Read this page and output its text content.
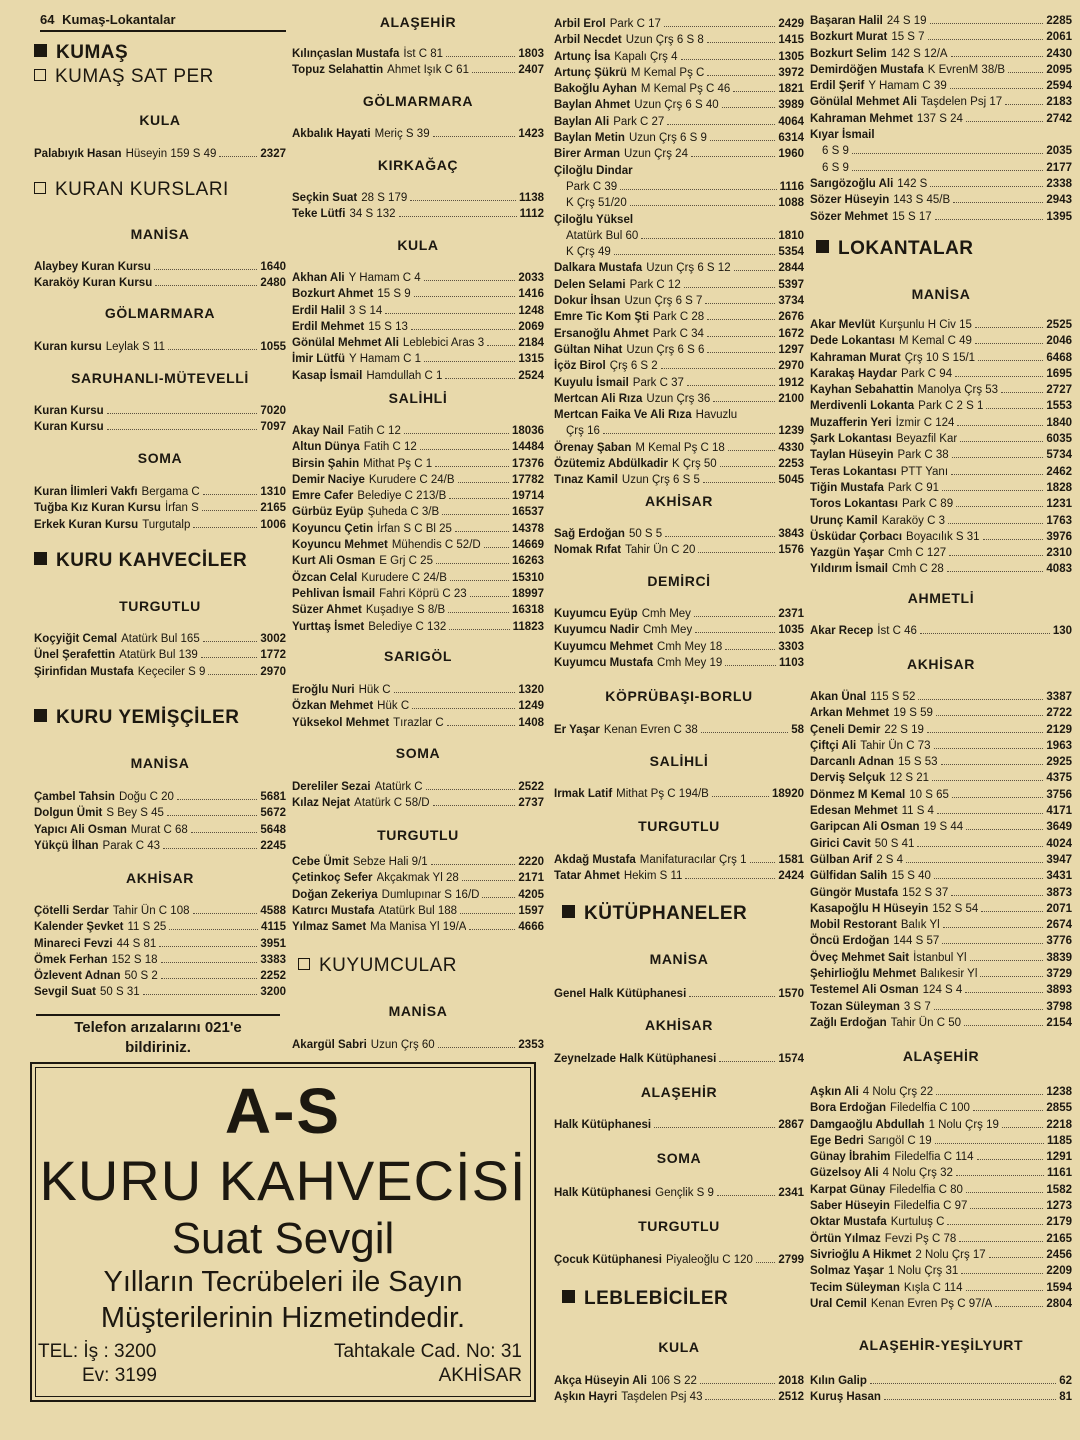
64 Kumaş-Lokantalar
KUMAŞ
KUMAŞ SAT PER
KULA
Palabıyık Hasan Hüseyin 159 S 49	2327
KURAN KURSLARI
MANİSA
Alaybey Kuran Kursu	1640
Karaköy Kuran Kursu	2480
GÖLMARMARA
Kuran kursu Leylak S 11	1055
SARUHANLI-MÜTEVELLİ
Kuran Kursu	7020
Kuran Kursu	7097
SOMA
Kuran İlimleri Vakfı Bergama C	1310
Tuğba Kız Kuran Kursu İrfan S	2165
Erkek Kuran Kursu Turgutalp	1006
KURU KAHVECİLER
TURGUTLU
Koçyiğit Cemal Atatürk Bul 165	3002
Ünel Şerafettin Atatürk Bul 139	1772
Şirinfidan Mustafa Keçeciler S 9	2970
KURU YEMİŞÇİLER
MANİSA
Çambel Tahsin Doğu C 20	5681
Dolgun Ümit S Bey S 45	5672
Yapıcı Ali Osman Murat C 68	5648
Yükçü İlhan Parak C 43	2245
AKHİSAR
Çötelli Serdar Tahir Ün C 108	4588
Kalender Şevket 11 S 25	4115
Minareci Fevzi 44 S 81	3951
Ömek Ferhan 152 S 18	3383
Özlevent Adnan 50 S 2	2252
Sevgil Suat 50 S 31	3200
Telefon arızalarını 021'e
bildiriniz.
ALAŞEHİR
Kılınçaslan Mustafa İst C 81	1803
Topuz Selahattin Ahmet Işık C 61	2407
GÖLMARMARA
Akbalık Hayati Meriç S 39	1423
KIRKAĞAÇ
Seçkin Suat 28 S 179	1138
Teke Lütfi 34 S 132	1112
KULA
Akhan Ali Y Hamam C 4	2033
Bozkurt Ahmet 15 S 9	1416
Erdil Halil 3 S 14	1248
Erdil Mehmet 15 S 13	2069
Gönülal Mehmet Ali Leblebici Aras 3	2184
İmir Lütfü Y Hamam C 1	1315
Kasap İsmail Hamdullah C 1	2524
SALİHLİ
Akay Nail Fatih C 12	18036
Altun Dünya Fatih C 12	14484
Birsin Şahin Mithat Pş C 1	17376
Demir Naciye Kurudere C 24/B	17782
Emre Cafer Belediye C 213/B	19714
Gürbüz Eyüp Şuheda C 3/B	16537
Koyuncu Çetin İrfan S C Bl 25	14378
Koyuncu Mehmet Mühendis C 52/D	14669
Kurt Ali Osman E Grj C 25	16263
Özcan Celal Kurudere C 24/B	15310
Pehlivan İsmail Fahri Köprü C 23	18997
Süzer Ahmet Kuşadıye S 8/B	16318
Yurttaş İsmet Belediye C 132	11823
SARIGÖL
Eroğlu Nuri Hük C	1320
Özkan Mehmet Hük C	1249
Yüksekol Mehmet Tırazlar C	1408
SOMA
Dereliler Sezai Atatürk C	2522
Kılaz Nejat Atatürk C 58/D	2737
TURGUTLU
Cebe Ümit Sebze Hali 9/1	2220
Çetinkoç Sefer Akçakmak Yl 28	2171
Doğan Zekeriya Dumlupınar S 16/D	4205
Katırcı Mustafa Atatürk Bul 188	1597
Yılmaz Samet Ma Manisa Yl 19/A	4666
KUYUMCULAR
MANİSA
Akargül Sabri Uzun Çrş 60	2353
Arbil Erol Park C 17	2429
Arbil Necdet Uzun Çrş 6 S 8	1415
Artunç İsa Kapalı Çrş 4	1305
Artunç Şükrü M Kemal Pş C	3972
Bakoğlu Ayhan M Kemal Pş C 46	1821
Baylan Ahmet Uzun Çrş 6 S 40	3989
Baylan Ali Park C 27	4064
Baylan Metin Uzun Çrş 6 S 9	6314
Birer Arman Uzun Çrş 24	1960
Çiloğlu Dindar
Park C 39	1116
K Çrş 51/20	1088
Çiloğlu Yüksel
Atatürk Bul 60	1810
K Çrş 49	5354
Dalkara Mustafa Uzun Çrş 6 S 12	2844
Delen Selami Park C 12	5397
Dokur İhsan Uzun Çrş 6 S 7	3734
Emre Tic Kom Şti Park C 28	2676
Ersanoğlu Ahmet Park C 34	1672
Gültan Nihat Uzun Çrş 6 S 6	1297
İçöz Birol Çrş 6 S 2	2970
Kuyulu İsmail Park C 37	1912
Mertcan Ali Rıza Uzun Çrş 36	2100
Mertcan Faika Ve Ali Rıza Havuzlu
Çrş 16	1239
Örenay Şaban M Kemal Pş C 18	4330
Özütemiz Abdülkadir K Çrş 50	2253
Tınaz Kamil Uzun Çrş 6 S 5	5045
AKHİSAR
Sağ Erdoğan 50 S 5	3843
Nomak Rıfat Tahir Ün C 20	1576
DEMİRCİ
Kuyumcu Eyüp Cmh Mey	2371
Kuyumcu Nadir Cmh Mey	1035
Kuyumcu Mehmet Cmh Mey 18	3303
Kuyumcu Mustafa Cmh Mey 19	1103
KÖPRÜBAŞI-BORLU
Er Yaşar Kenan Evren C 38	58
SALİHLİ
Irmak Latif Mithat Pş C 194/B	18920
TURGUTLU
Akdağ Mustafa Manifaturacılar Çrş 1	1581
Tatar Ahmet Hekim S 11	2424
KÜTÜPHANELER
MANİSA
Genel Halk Kütüphanesi	1570
AKHİSAR
Zeynelzade Halk Kütüphanesi	1574
ALAŞEHİR
Halk Kütüphanesi	2867
SOMA
Halk Kütüphanesi Gençlik S 9	2341
TURGUTLU
Çocuk Kütüphanesi Piyaleoğlu C 120 2799
LEBLEBİCİLER
KULA
Akça Hüseyin Ali 106 S 22	2018
Aşkın Hayri Taşdelen Psj 43	2512
Başaran Halil 24 S 19	2285
Bozkurt Murat 15 S 7	2061
Bozkurt Selim 142 S 12/A	2430
Demirdöğen Mustafa K EvrenM 38/B	2095
Erdil Şerif Y Hamam C 39	2594
Gönülal Mehmet Ali Taşdelen Psj 17	2183
Kahraman Mehmet 137 S 24	2742
Kıyar İsmail
6 S 9	2035
6 S 9	2177
Sarıgözoğlu Ali 142 S	2338
Sözer Hüseyin 143 S 45/B	2943
Sözer Mehmet 15 S 17	1395
LOKANTALAR
MANİSA
Akar Mevlüt Kurşunlu H Civ 15	2525
Dede Lokantası M Kemal C 49	2046
Kahraman Murat Çrş 10 S 15/1	6468
Karakaş Haydar Park C 94	1695
Kayhan Sebahattin Manolya Çrş 53	2727
Merdivenli Lokanta Park C 2 S 1	1553
Muzafferin Yeri İzmir C 124	1840
Şark Lokantası Beyazfil Kar	6035
Taylan Hüseyin Park C 38	5734
Teras Lokantası PTT Yanı	2462
Tiğin Mustafa Park C 91	1828
Toros Lokantası Park C 89	1231
Urunç Kamil Karaköy C 3	1763
Üsküdar Çorbacı Boyacılık S 31	3976
Yazgün Yaşar Cmh C 127	2310
Yıldırım İsmail Cmh C 28	4083
AHMETLİ
Akar Recep İst C 46	130
AKHİSAR
Akan Ünal 115 S 52	3387
Arkan Mehmet 19 S 59	2722
Çeneli Demir 22 S 19	2129
Çiftçi Ali Tahir Ün C 73	1963
Darcanlı Adnan 15 S 53	2925
Derviş Selçuk 12 S 21	4375
Dönmez M Kemal 10 S 65	3756
Edesan Mehmet 11 S 4	4171
Garipcan Ali Osman 19 S 44	3649
Girici Cavit 50 S 41	4024
Gülban Arif 2 S 4	3947
Gülfidan Salih 15 S 40	3431
Güngör Mustafa 152 S 37	3873
Kasapoğlu H Hüseyin 152 S 54	2071
Mobil Restorant Balık Yl	2674
Öncü Erdoğan 144 S 57	3776
Öveç Mehmet Sait İstanbul Yl	3839
Şehirlioğlu Mehmet Balıkesir Yl	3729
Testemel Ali Osman 124 S 4	3893
Tozan Süleyman 3 S 7	3798
Zağlı Erdoğan Tahir Ün C 50	2154
ALAŞEHİR
Aşkın Ali 4 Nolu Çrş 22	1238
Bora Erdoğan Filedelfia C 100	2855
Damgaoğlu Abdullah 1 Nolu Çrş 19	2218
Ege Bedri Sarıgöl C 19	1185
Günay İbrahim Filedelfia C 114	1291
Güzelsoy Ali 4 Nolu Çrş 32	1161
Karpat Günay Filedelfia C 80	1582
Saber Hüseyin Filedelfia C 97	1273
Oktar Mustafa Kurtuluş C	2179
Örtün Yılmaz Fevzi Pş C 78	2165
Sivrioğlu A Hikmet 2 Nolu Çrş 17	2456
Solmaz Yaşar 1 Nolu Çrş 31	2209
Tecim Süleyman Kışla C 114	1594
Ural Cemil Kenan Evren Pş C 97/A	2804
ALAŞEHİR-YEŞİLYURT
Kılın Galip	62
Kuruş Hasan	81
A-S
KURU KAHVECİSİ
Suat Sevgil
Yılların Tecrübeleri ile Sayın
Müşterilerinin Hizmetindedir.
TEL: İş : 3200
Ev: 3199
Tahtakale Cad. No: 31
AKHİSAR
